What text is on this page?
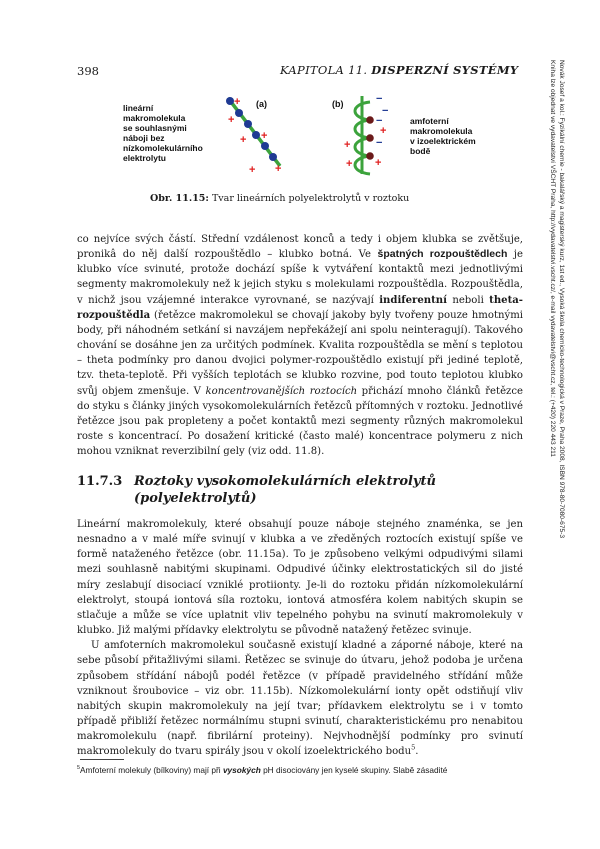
398	KAPITOLA 11. DISPERZNÍ SYSTÉMY	Novák Josef a kol.: Fyzikální chemie - bakalářský a magisterský kurz, 1st ed., Vysoká škola chemicko-technologická v Praze, Praha 2008, ISBN 978-80-7080-675-3
Kniha lze objednat ve vydavatelství VŠCHT Praha, http://vydavatelstvi.vscht.cz/, e-mail vydavatelstvi@vscht.cz, tel.: (+420) 220 443 211
lineární
makromolekula
se souhlasnými
náboji bez
nízkomolekulárního
elektrolytu
amfoterní
makromolekula
v izoelektrickém
bodě
+
+
+ +
+ +
(a)	−
−
−
+
−
+
+
+
(b)
Obr. 11.15: Tvar lineárních polyelektrolytů v roztoku

co nejvíce svých částí. Střední vzdálenost konců a tedy i objem klubka se zvětšuje, pronikâ do něj další rozpouštědlo – klubko botná. Ve špatných rozpouštědlech je klubko více svinuté, protože dochází spíše k vytváření kontaktů mezi jednotlivými segmenty makromolekuly než k jejich styku s molekulami rozpouštědla. Rozpouštědla, v nichž jsou vzájemné interakce vyrovnané, se nazývají indiferentní neboli theta-rozpouštědla (řetězce makromolekul se chovají jakoby byly tvořeny pouze hmotnými body, při náhodném setkání si navzájem nepřekážejí ani spolu neinteragují). Takového chování se dosáhne jen za určitých podmínek. Kvalita rozpouštědla se mění s teplotou – theta podmínky pro danou dvojici polymer-rozpouštědlo existují při jediné teplotě, tzv. theta-teplotě. Při vyšších teplotách se klubko rozvine, pod touto teplotou klubko svůj objem zmenšuje. V koncentrovanějších roztocích přichází mnoho článků řetězce do styku s články jiných vysokomolekulárních řetězců přítomných v roztoku. Jednotlivé řetězce jsou pak propleteny a počet kontaktů mezi segmenty různých makromolekul roste s koncentrací. Po dosažení kritické (často malé) koncentrace polymeru z nich mohou vzniknat reverzibilní gely (viz odd. 11.8).

11.7.3 Roztoky vysokomolekulárních elektrolytů (polyelektrolytů)

Lineární makromolekuly, které obsahují pouze náboje stejného znaménka, se jen nesnadno a v malé míře svinují v klubka a ve zředěných roztocích existují spíše ve formě nataženého řetězce (obr. 11.15a). To je způsobeno velkými odpudivými silami mezi souhlasně nabitými skupinami. Odpudivé účinky elektrostatických sil do jisté míry zeslabují disociací vzniklé protiionty. Je-li do roztoku přidán nízkomolekulární elektrolyt, stoupá iontová síla roztoku, iontová atmosféra kolem nabitých skupin se stlačuje a může se více uplatnit vliv tepelného pohybu na svinutí makromolekuly v klubko. Již malými přídavky elektrolytu se původně natažený řetězec svinuje.

U amfoterních makromolekul současně existují kladné a záporné náboje, které na sebe působí přitažlivými silami. Řetězec se svinuje do útvaru, jehož podoba je určena způsobem střídání nábojů podél řetězce (v případě pravidelného střídání může vzniknout šroubovice – viz obr. 11.15b). Nízkomolekulární ionty opět odstiňují vliv nabitých skupin makromolekuly na její tvar; přídavkem elektrolytu se i v tomto případě přibliží řetězec normálnímu stupni svinutí, charakteristickému pro nenabitou makromolekulu (např. fibrilární proteiny). Nejvhodnější podmínky pro svinutí makromolekuly do tvaru spirály jsou v okolí izoelektrického bodu$^5$.

$^5$Amfoterní molekuly (bílkoviny) mají při vysokých pH disociovány jen kyselé skupiny. Slabě zásadité
